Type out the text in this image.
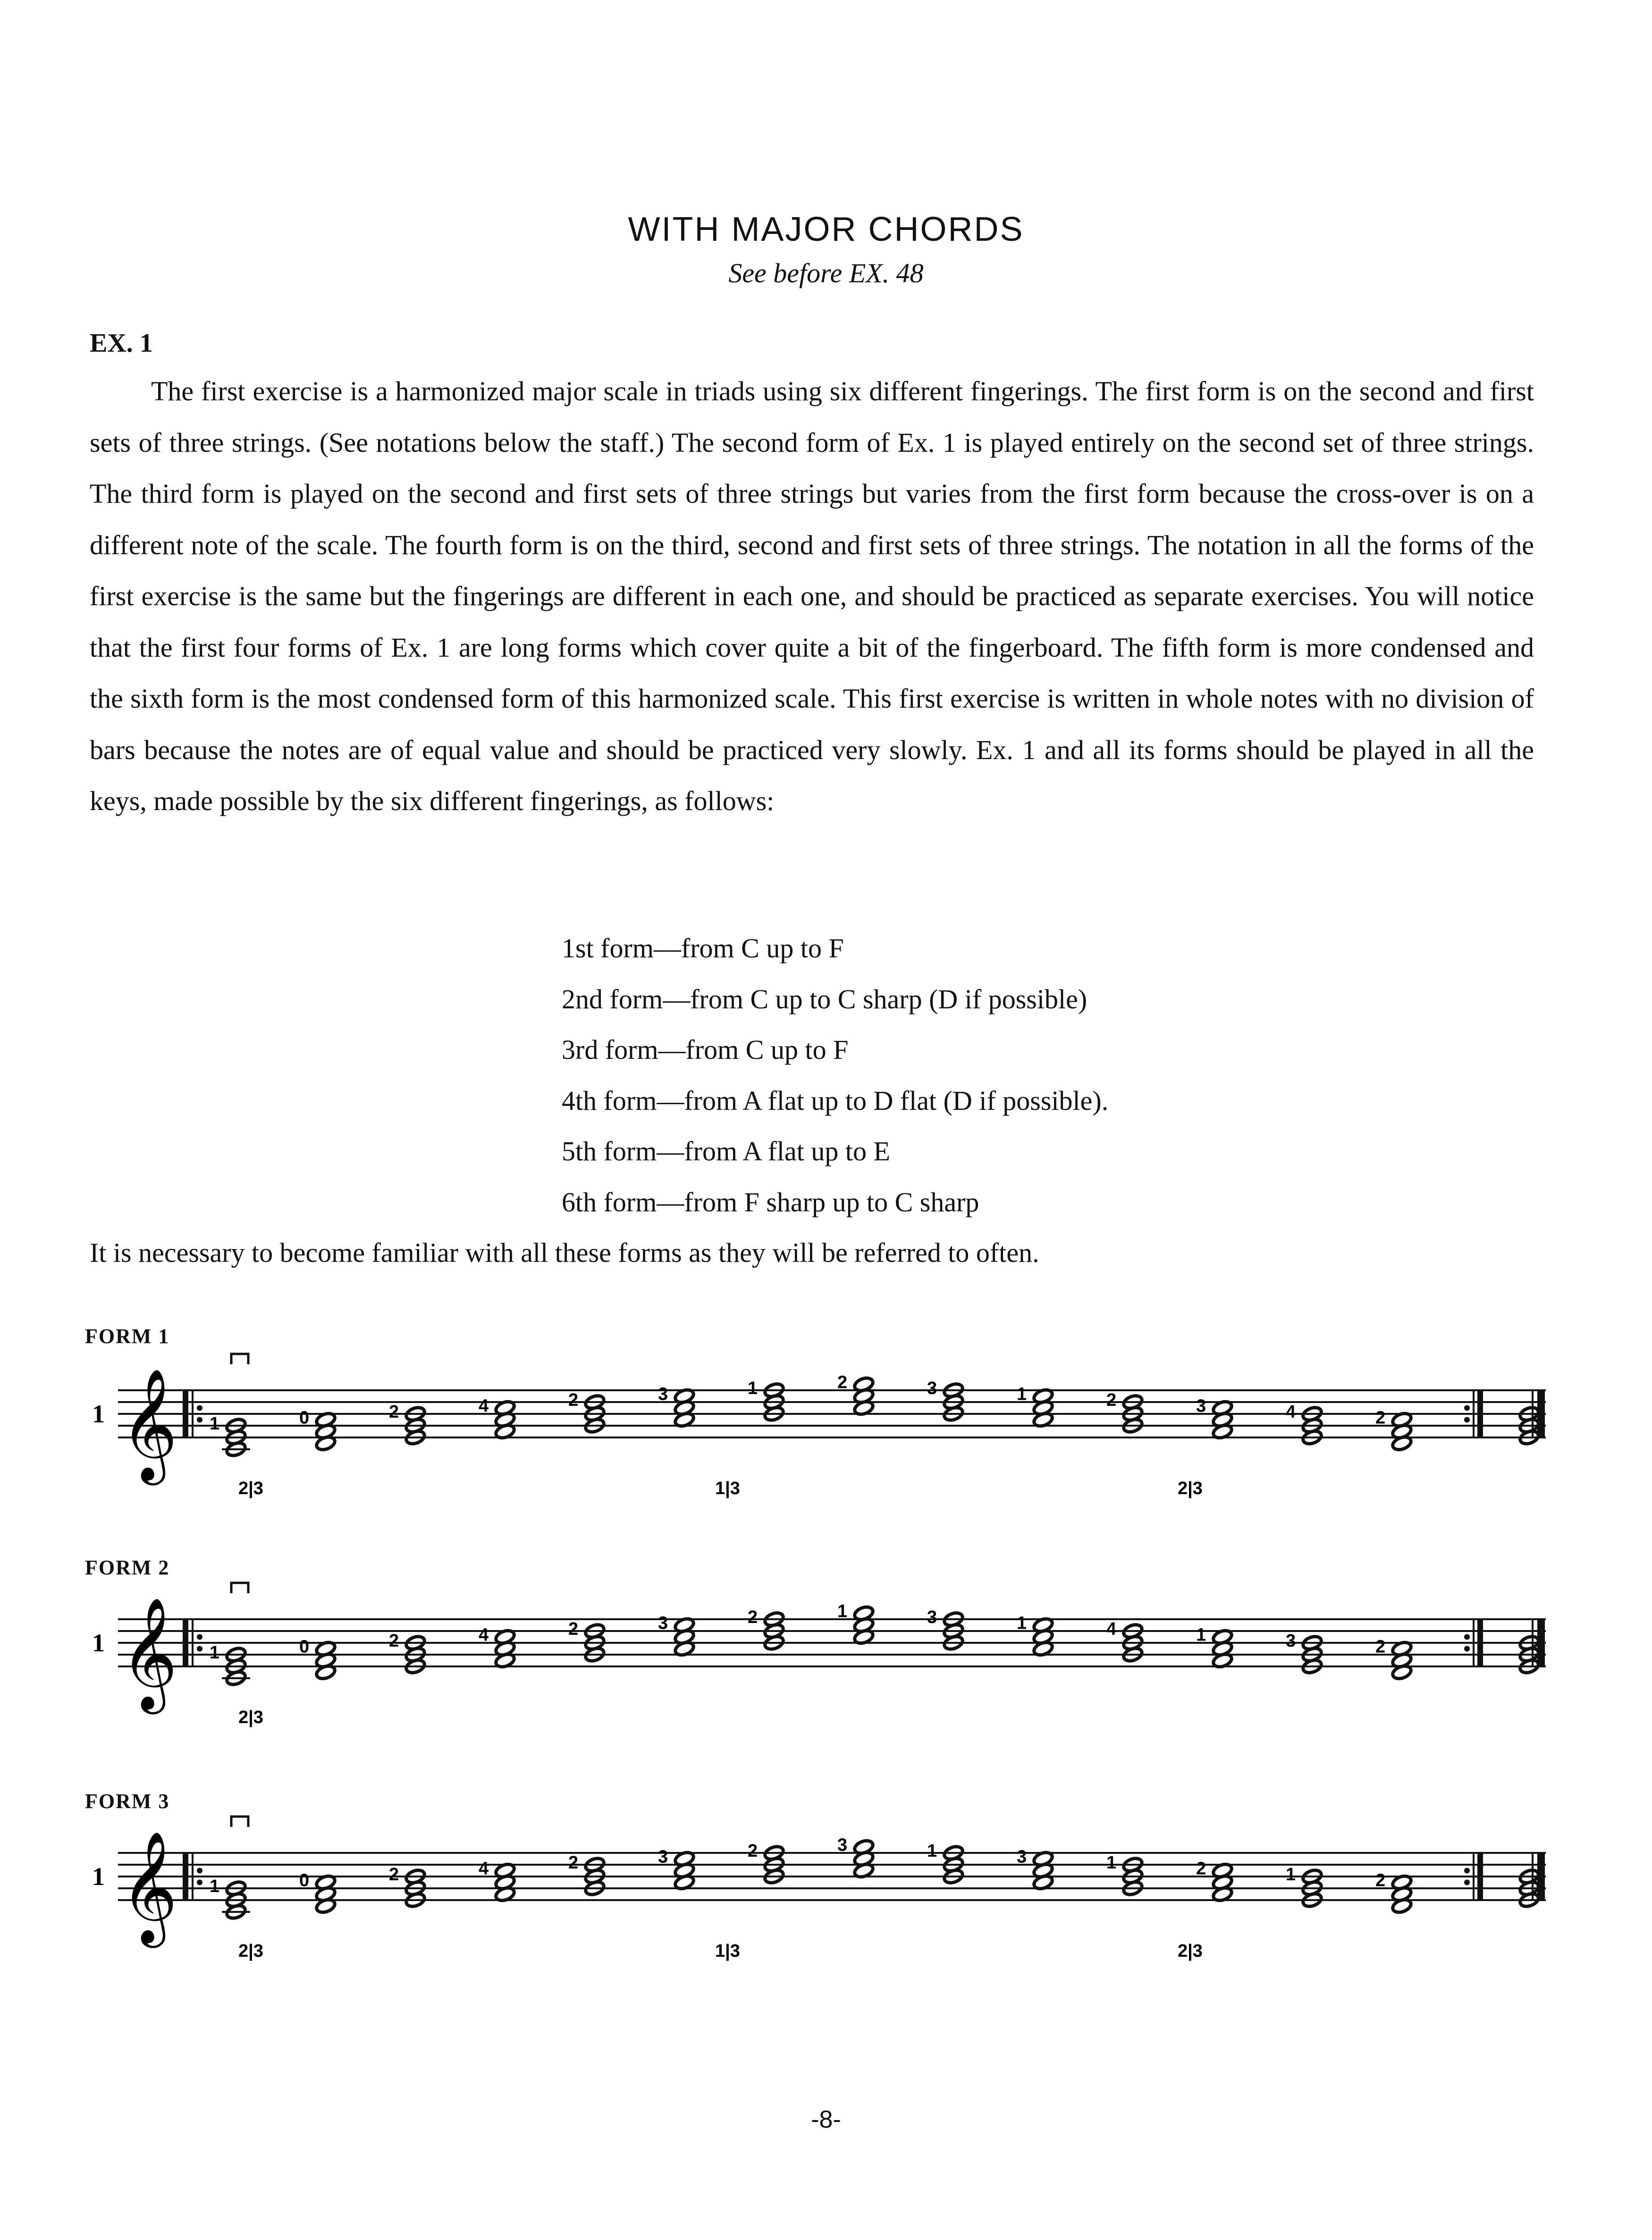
WITH MAJOR CHORDS
See before EX. 48
EX. 1

The first exercise is a harmonized major scale in triads using six different fingerings. The first form is on the second and first sets of three strings. (See notations below the staff.) The second form of Ex. 1 is played entirely on the second set of three strings. The third form is played on the second and first sets of three strings but varies from the first form because the cross-over is on a different note of the scale. The fourth form is on the third, second and first sets of three strings. The notation in all the forms of the first exercise is the same but the fingerings are different in each one, and should be practiced as separate exercises. You will notice that the first four forms of Ex. 1 are long forms which cover quite a bit of the fingerboard. The fifth form is more condensed and the sixth form is the most condensed form of this harmonized scale. This first exercise is written in whole notes with no division of bars because the notes are of equal value and should be practiced very slowly. Ex. 1 and all its forms should be played in all the keys, made possible by the six different fingerings, as follows:

1st form—from C up to F
2nd form—from C up to C sharp (D if possible)
3rd form—from C up to F
4th form—from A flat up to D flat (D if possible).
5th form—from A flat up to E
6th form—from F sharp up to C sharp
It is necessary to become familiar with all these forms as they will be referred to often.
FORM 1
1 𝄞 1	0	2	4	2	3	1	2	3	1	2	3	4	2
2|3	1|3	2|3
FORM 2
1 𝄞 1	0	2	4	2	3	2	1	3	1	4	1	3	2
2|3
FORM 3
1 𝄞 1	0	2	4	2	3	2	3	1	3	1	2	1	2
2|3	1|3	2|3
-8-
